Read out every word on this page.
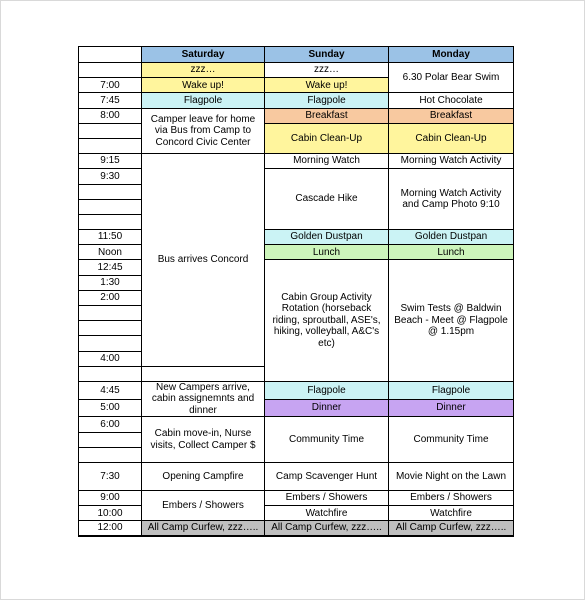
	Saturday	Sunday	Monday
	zzz…	zzz…	6.30 Polar Bear Swim
7:00	Wake up!	Wake up!	
7:45	Flagpole	Flagpole	Hot Chocolate
8:00	Camper leave for home via Bus from Camp to Concord Civic Center	Breakfast	Breakfast
		Cabin Clean-Up	Cabin Clean-Up

9:15	Bus arrives Concord	Morning Watch	Morning Watch Activity
9:30		Cascade Hike	Morning Watch Activity and Camp Photo 9:10

11:50		Golden Dustpan	Golden Dustpan
Noon		Lunch	Lunch
12:45		Cabin Group Activity Rotation (horseback riding, sproutball, ASE's, hiking, volleyball, A&C's etc)	Swim Tests @ Baldwin Beach - Meet @ Flagpole @ 1.15pm
1:30			
2:00			

4:00			

4:45	New Campers arrive, cabin assignemnts and dinner	Flagpole	Flagpole
5:00		Dinner	Dinner
6:00	Cabin move-in, Nurse visits, Collect Camper $	Community Time	Community Time

7:30	Opening Campfire	Camp Scavenger Hunt	Movie Night on the Lawn
9:00	Embers / Showers	Embers / Showers	Embers / Showers
10:00		Watchfire	Watchfire
12:00	All Camp Curfew, zzz…..	All Camp Curfew, zzz…..	All Camp Curfew, zzz…..
